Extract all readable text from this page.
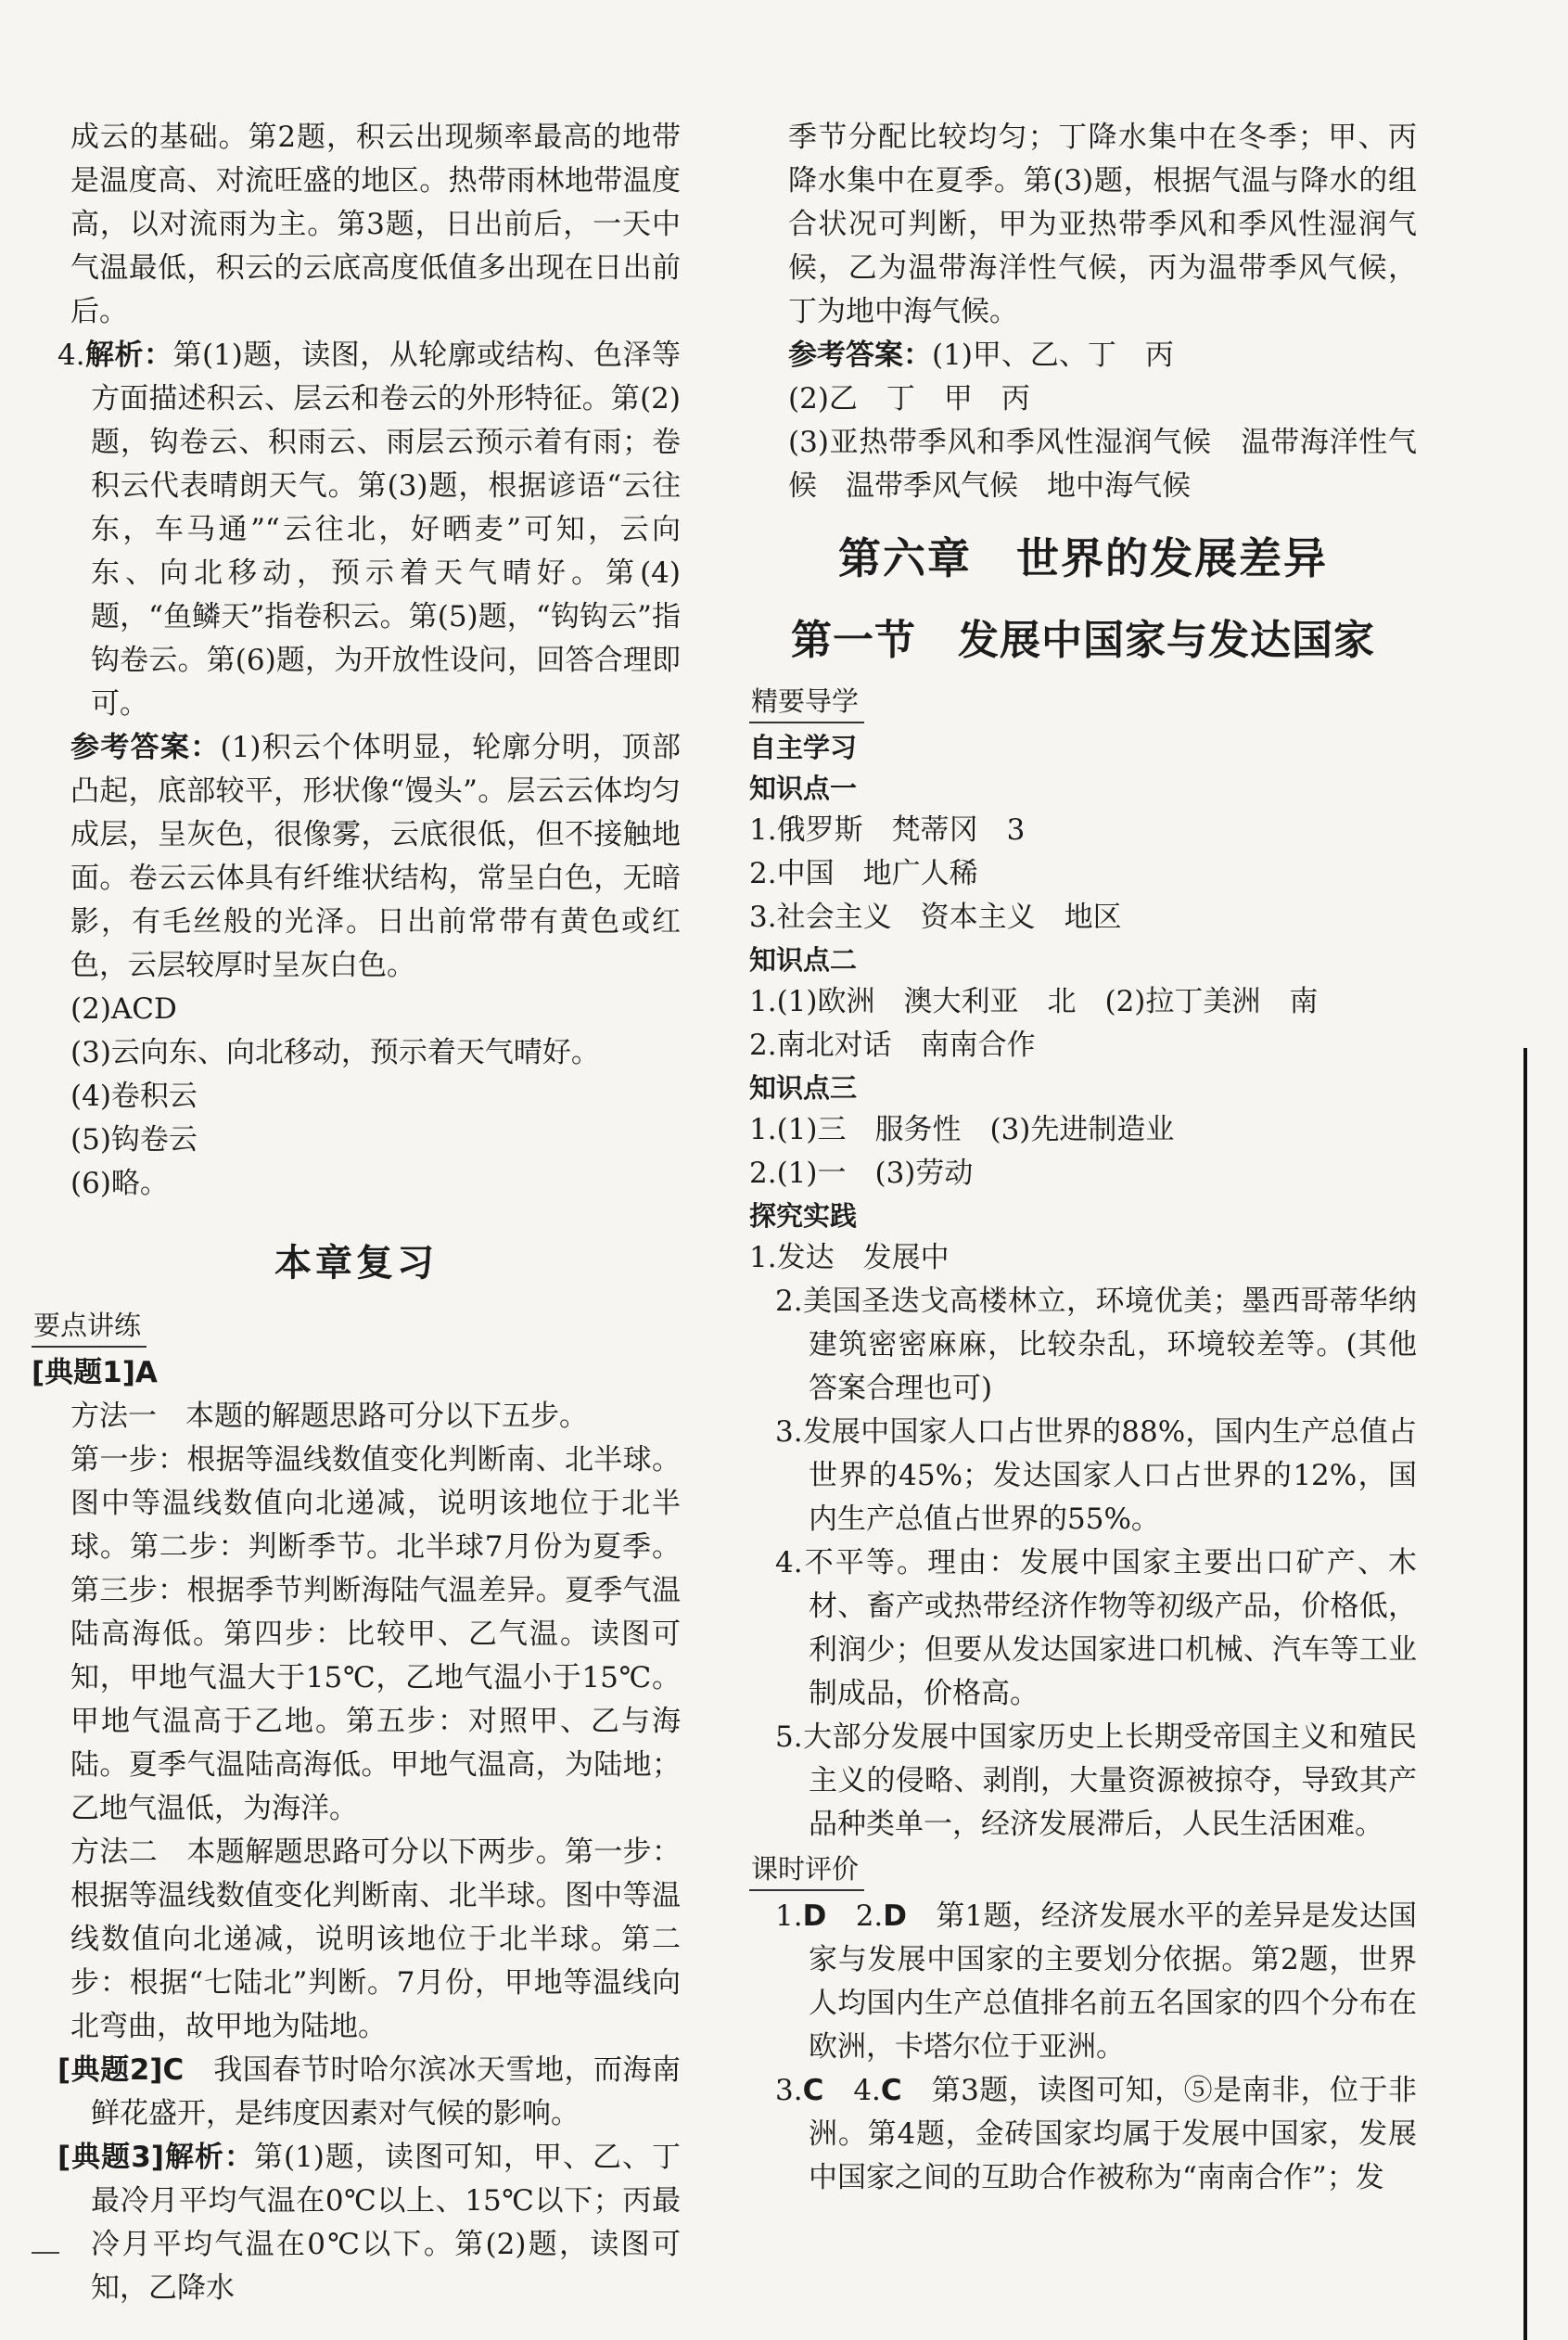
成云的基础。第2题，积云出现频率最高的地带是温度高、对流旺盛的地区。热带雨林地带温度高，以对流雨为主。第3题，日出前后，一天中气温最低，积云的云底高度低值多出现在日出前后。

4.解析：第(1)题，读图，从轮廓或结构、色泽等方面描述积云、层云和卷云的外形特征。第(2)题，钩卷云、积雨云、雨层云预示着有雨；卷积云代表晴朗天气。第(3)题，根据谚语“云往东，车马通”“云往北，好晒麦”可知，云向东、向北移动，预示着天气晴好。第(4)题，“鱼鳞天”指卷积云。第(5)题，“钩钩云”指钩卷云。第(6)题，为开放性设问，回答合理即可。

参考答案：(1)积云个体明显，轮廓分明，顶部凸起，底部较平，形状像“馒头”。层云云体均匀成层，呈灰色，很像雾，云底很低，但不接触地面。卷云云体具有纤维状结构，常呈白色，无暗影，有毛丝般的光泽。日出前常带有黄色或红色，云层较厚时呈灰白色。

(2)ACD

(3)云向东、向北移动，预示着天气晴好。

(4)卷积云

(5)钩卷云

(6)略。

本章复习
要点讲练

[典题1]A

方法一　本题的解题思路可分以下五步。

第一步：根据等温线数值变化判断南、北半球。图中等温线数值向北递减，说明该地位于北半球。第二步：判断季节。北半球7月份为夏季。第三步：根据季节判断海陆气温差异。夏季气温陆高海低。第四步：比较甲、乙气温。读图可知，甲地气温大于15℃，乙地气温小于15℃。甲地气温高于乙地。第五步：对照甲、乙与海陆。夏季气温陆高海低。甲地气温高，为陆地；乙地气温低，为海洋。

方法二　本题解题思路可分以下两步。第一步：根据等温线数值变化判断南、北半球。图中等温线数值向北递减，说明该地位于北半球。第二步：根据“七陆北”判断。7月份，甲地等温线向北弯曲，故甲地为陆地。

[典题2]C　 我国春节时哈尔滨冰天雪地，而海南鲜花盛开，是纬度因素对气候的影响。

[典题3]解析：第(1)题，读图可知，甲、乙、丁最冷月平均气温在0℃以上、15℃以下；丙最冷月平均气温在0℃以下。第(2)题，读图可知，乙降水

季节分配比较均匀；丁降水集中在冬季；甲、丙降水集中在夏季。第(3)题，根据气温与降水的组合状况可判断，甲为亚热带季风和季风性湿润气候，乙为温带海洋性气候，丙为温带季风气候，丁为地中海气候。

参考答案：(1)甲、乙、丁　丙

(2)乙　丁　甲　丙

(3)亚热带季风和季风性湿润气候　温带海洋性气候　温带季风气候　地中海气候

第六章　世界的发展差异
第一节　发展中国家与发达国家
精要导学
自主学习
知识点一

1.俄罗斯　梵蒂冈　3

2.中国　地广人稀

3.社会主义　资本主义　地区

知识点二

1.(1)欧洲　澳大利亚　北　(2)拉丁美洲　南

2.南北对话　南南合作

知识点三

1.(1)三　服务性　(3)先进制造业

2.(1)一　(3)劳动

探究实践

1.发达　发展中

2.美国圣迭戈高楼林立，环境优美；墨西哥蒂华纳建筑密密麻麻，比较杂乱，环境较差等。(其他答案合理也可)

3.发展中国家人口占世界的88%，国内生产总值占世界的45%；发达国家人口占世界的12%，国内生产总值占世界的55%。

4.不平等。理由：发展中国家主要出口矿产、木材、畜产或热带经济作物等初级产品，价格低，利润少；但要从发达国家进口机械、汽车等工业制成品，价格高。

5.大部分发展中国家历史上长期受帝国主义和殖民主义的侵略、剥削，大量资源被掠夺，导致其产品种类单一，经济发展滞后，人民生活困难。

课时评价

1.D　 2.D　 第1题，经济发展水平的差异是发达国家与发展中国家的主要划分依据。第2题，世界人均国内生产总值排名前五名国家的四个分布在欧洲，卡塔尔位于亚洲。

3.C　 4.C　 第3题，读图可知，⑤是南非，位于非洲。第4题，金砖国家均属于发展中国家，发展中国家之间的互助合作被称为“南南合作”；发
